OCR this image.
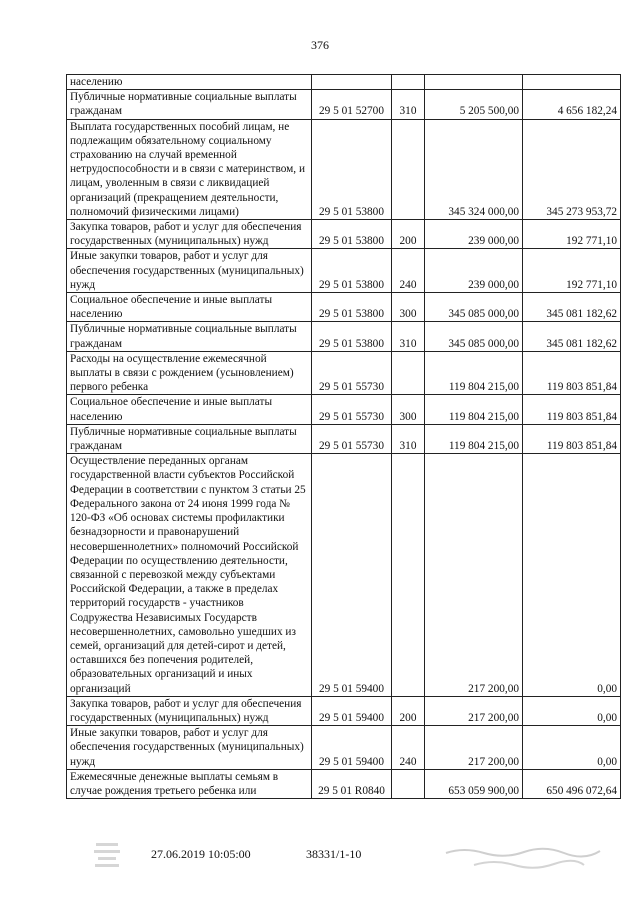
376
населению				
Публичные нормативные социальные выплаты гражданам	29 5 01 52700	310	5 205 500,00	4 656 182,24
Выплата государственных пособий лицам, не подлежащим обязательному социальному страхованию на случай временной нетрудоспособности и в связи с материнством, и лицам, уволенным в связи с ликвидацией организаций (прекращением деятельности, полномочий физическими лицами)	29 5 01 53800		345 324 000,00	345 273 953,72
Закупка товаров, работ и услуг для обеспечения государственных (муниципальных) нужд	29 5 01 53800	200	239 000,00	192 771,10
Иные закупки товаров, работ и услуг для обеспечения государственных (муниципальных) нужд	29 5 01 53800	240	239 000,00	192 771,10
Социальное обеспечение и иные выплаты населению	29 5 01 53800	300	345 085 000,00	345 081 182,62
Публичные нормативные социальные выплаты гражданам	29 5 01 53800	310	345 085 000,00	345 081 182,62
Расходы на осуществление ежемесячной выплаты в связи с рождением (усыновлением) первого ребенка	29 5 01 55730		119 804 215,00	119 803 851,84
Социальное обеспечение и иные выплаты населению	29 5 01 55730	300	119 804 215,00	119 803 851,84
Публичные нормативные социальные выплаты гражданам	29 5 01 55730	310	119 804 215,00	119 803 851,84
Осуществление переданных органам государственной власти субъектов Российской Федерации в соответствии с пунктом 3 статьи 25 Федерального закона от 24 июня 1999 года № 120-ФЗ «Об основах системы профилактики безнадзорности и правонарушений несовершеннолетних» полномочий Российской Федерации по осуществлению деятельности, связанной с перевозкой между субъектами Российской Федерации, а также в пределах территорий государств - участников Содружества Независимых Государств несовершеннолетних, самовольно ушедших из семей, организаций для детей-сирот и детей, оставшихся без попечения родителей, образовательных организаций и иных организаций	29 5 01 59400		217 200,00	0,00
Закупка товаров, работ и услуг для обеспечения государственных (муниципальных) нужд	29 5 01 59400	200	217 200,00	0,00
Иные закупки товаров, работ и услуг для обеспечения государственных (муниципальных) нужд	29 5 01 59400	240	217 200,00	0,00
Ежемесячные денежные выплаты семьям в случае рождения третьего ребенка или	29 5 01 R0840		653 059 900,00	650 496 072,64
27.06.2019 10:05:00	38331/1-10
